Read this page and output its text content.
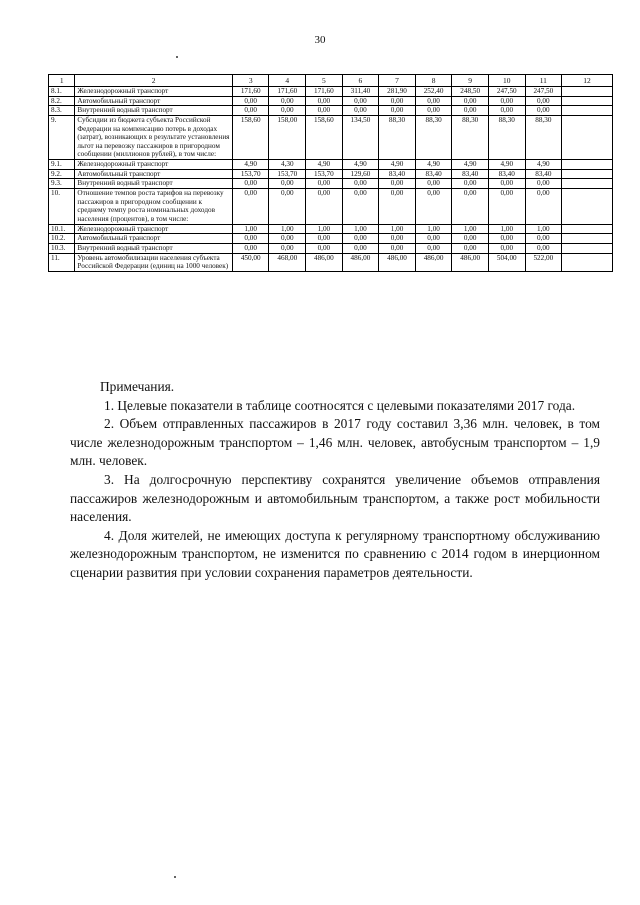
30
1	2	3	4	5	6	7	8	9	10	11	12
8.1.	Железнодорожный транспорт	171,60	171,60	171,60	311,40	281,90	252,40	248,50	247,50	247,50	
8.2.	Автомобильный транспорт	0,00	0,00	0,00	0,00	0,00	0,00	0,00	0,00	0,00	
8.3.	Внутренний водный транспорт	0,00	0,00	0,00	0,00	0,00	0,00	0,00	0,00	0,00	
9.	Субсидии из бюджета субъекта Российской Федерации на компенсацию потерь в доходах (затрат), возникающих в результате установления льгот на перевозку пассажиров в пригородном сообщении (миллионов рублей), в том числе:	158,60	158,00	158,60	134,50	88,30	88,30	88,30	88,30	88,30	
9.1.	Железнодорожный транспорт	4,90	4,30	4,90	4,90	4,90	4,90	4,90	4,90	4,90	
9.2.	Автомобильный транспорт	153,70	153,70	153,70	129,60	83,40	83,40	83,40	83,40	83,40	
9.3.	Внутренний водный транспорт	0,00	0,00	0,00	0,00	0,00	0,00	0,00	0,00	0,00	
10.	Отношение темпов роста тарифов на перевозку пассажиров в пригородном сообщении к среднему темпу роста номинальных доходов населения (процентов), в том числе:	0,00	0,00	0,00	0,00	0,00	0,00	0,00	0,00	0,00	
10.1.	Железнодорожный транспорт	1,00	1,00	1,00	1,00	1,00	1,00	1,00	1,00	1,00	
10.2.	Автомобильный транспорт	0,00	0,00	0,00	0,00	0,00	0,00	0,00	0,00	0,00	
10.3.	Внутренний водный транспорт	0,00	0,00	0,00	0,00	0,00	0,00	0,00	0,00	0,00	
11.	Уровень автомобилизации населения субъекта Российской Федерации (единиц на 1000 человек)	450,00	468,00	486,00	486,00	486,00	486,00	486,00	504,00	522,00	

Примечания.

1. Целевые показатели в таблице соотносятся с целевыми показателями 2017 года.

2. Объем отправленных пассажиров в 2017 году составил 3,36 млн. человек, в том числе железнодорожным транспортом – 1,46 млн. человек, автобусным транспортом – 1,9 млн. человек.

3. На долгосрочную перспективу сохранятся увеличение объемов отправления пассажиров железнодорожным и автомобильным транспортом, а также рост мобильности населения.

4. Доля жителей, не имеющих доступа к регулярному транспортному обслуживанию железнодорожным транспортом, не изменится по сравнению с 2014 годом в инерционном сценарии развития при условии сохранения параметров деятельности.
